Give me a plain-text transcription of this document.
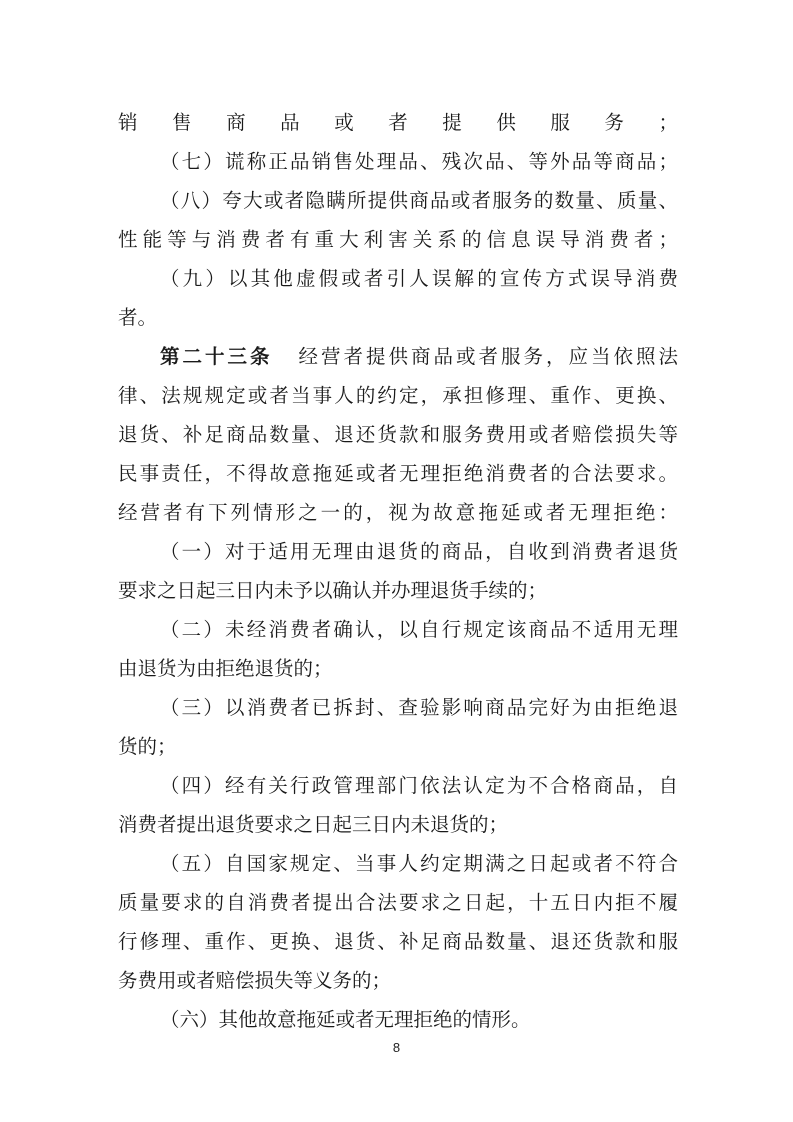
销售商品或者提供服务；
（七）谎称正品销售处理品、残次品、等外品等商品；
（八）夸大或者隐瞒所提供商品或者服务的数量、质量、
性能等与消费者有重大利害关系的信息误导消费者；
（九）以其他虚假或者引人误解的宣传方式误导消费
者。
第二十三条 经营者提供商品或者服务，应当依照法
律、法规规定或者当事人的约定，承担修理、重作、更换、
退货、补足商品数量、退还货款和服务费用或者赔偿损失等
民事责任，不得故意拖延或者无理拒绝消费者的合法要求。
经营者有下列情形之一的，视为故意拖延或者无理拒绝：
（一）对于适用无理由退货的商品，自收到消费者退货
要求之日起三日内未予以确认并办理退货手续的；
（二）未经消费者确认，以自行规定该商品不适用无理
由退货为由拒绝退货的；
（三）以消费者已拆封、查验影响商品完好为由拒绝退
货的；
（四）经有关行政管理部门依法认定为不合格商品，自
消费者提出退货要求之日起三日内未退货的；
（五）自国家规定、当事人约定期满之日起或者不符合
质量要求的自消费者提出合法要求之日起，十五日内拒不履
行修理、重作、更换、退货、补足商品数量、退还货款和服
务费用或者赔偿损失等义务的；
（六）其他故意拖延或者无理拒绝的情形。
8
